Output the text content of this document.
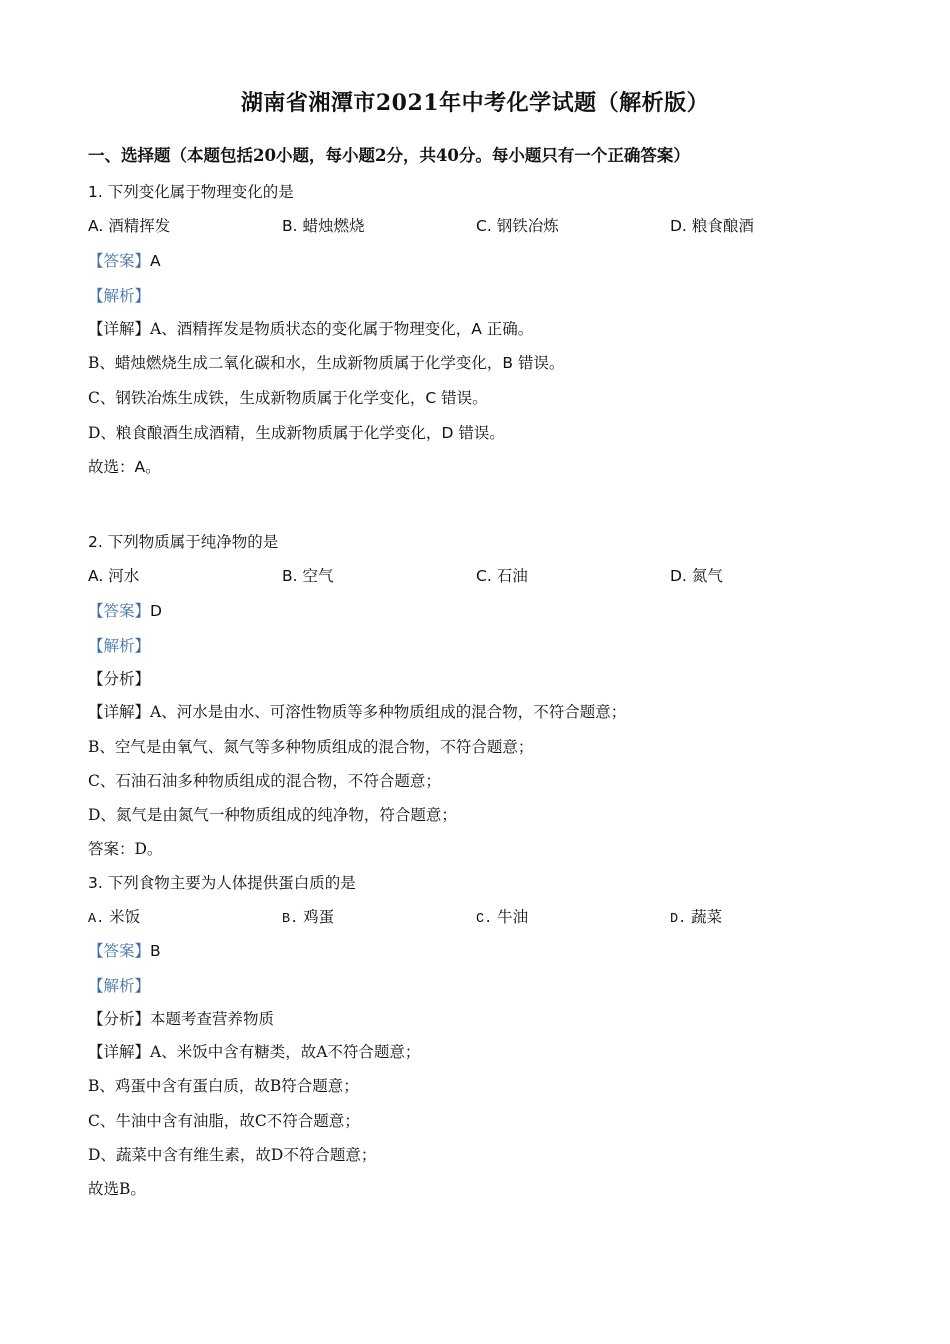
湖南省湘潭市2021年中考化学试题（解析版）
一、选择题（本题包括20小题，每小题2分，共40分。每小题只有一个正确答案）
1. 下列变化属于物理变化的是
A. 酒精挥发	B. 蜡烛燃烧	C. 钢铁冶炼	D. 粮食酿酒
【答案】A
【解析】
【详解】A、酒精挥发是物质状态的变化属于物理变化，A 正确。
B、蜡烛燃烧生成二氧化碳和水，生成新物质属于化学变化，B 错误。
C、钢铁冶炼生成铁，生成新物质属于化学变化，C 错误。
D、粮食酿酒生成酒精，生成新物质属于化学变化，D 错误。
故选：A。
2. 下列物质属于纯净物的是
A. 河水	B. 空气	C. 石油	D. 氮气
【答案】D
【解析】
【分析】
【详解】A、河水是由水、可溶性物质等多种物质组成的混合物，不符合题意；
B、空气是由氧气、氮气等多种物质组成的混合物，不符合题意；
C、石油石油多种物质组成的混合物，不符合题意；
D、氮气是由氮气一种物质组成的纯净物，符合题意；
答案：D。
3. 下列食物主要为人体提供蛋白质的是
A. 米饭	B. 鸡蛋	C. 牛油	D. 蔬菜
【答案】B
【解析】
【分析】本题考查营养物质
【详解】A、米饭中含有糖类，故A不符合题意；
B、鸡蛋中含有蛋白质，故B符合题意；
C、牛油中含有油脂，故C不符合题意；
D、蔬菜中含有维生素，故D不符合题意；
故选B。
